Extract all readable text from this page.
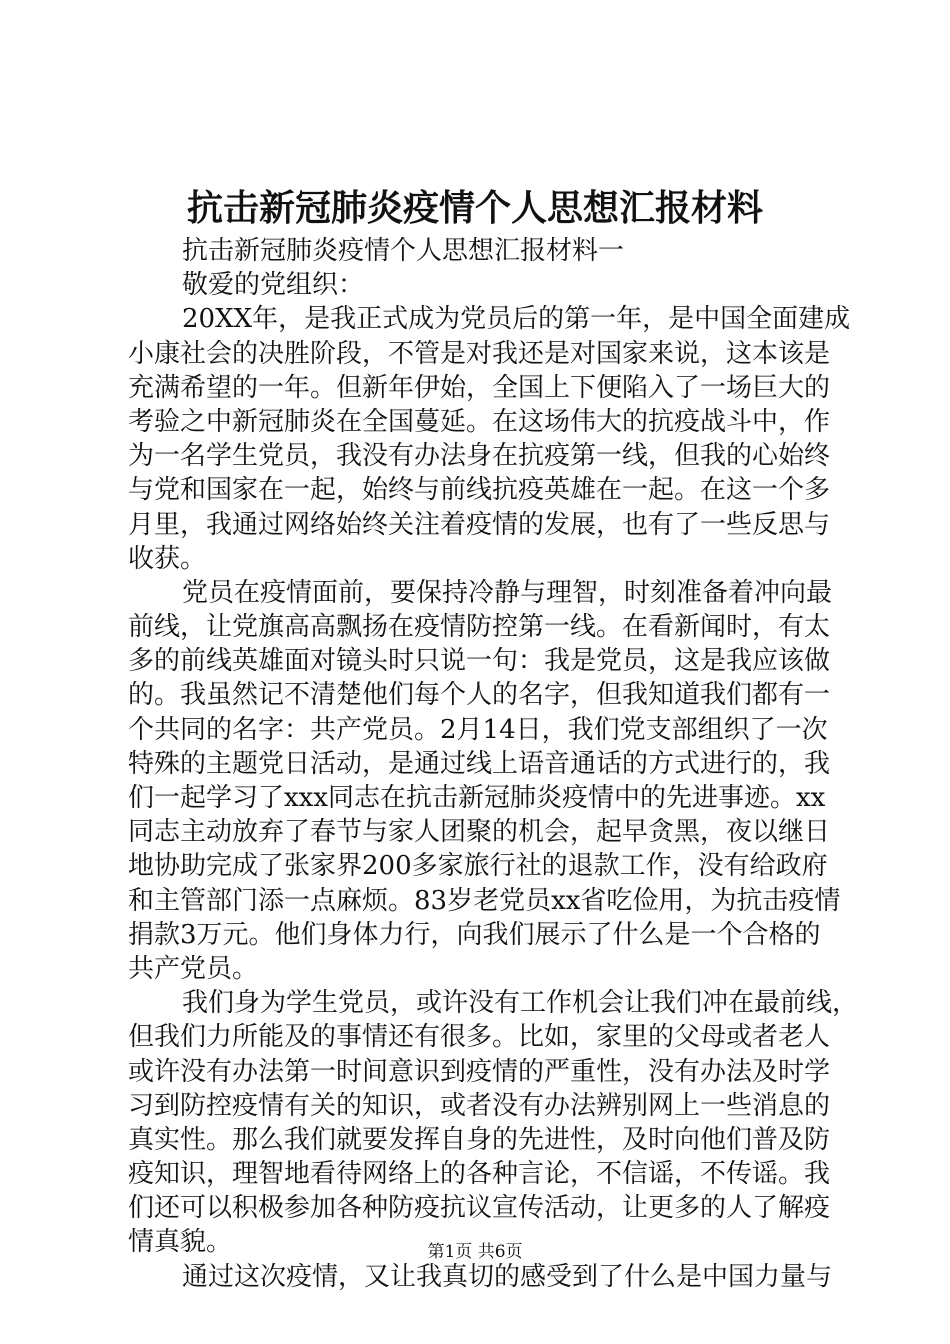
抗击新冠肺炎疫情个人思想汇报材料

抗击新冠肺炎疫情个人思想汇报材料一

敬爱的党组织：

20XX年，是我正式成为党员后的第一年，是中国全面建成

小康社会的决胜阶段，不管是对我还是对国家来说，这本该是

充满希望的一年。但新年伊始，全国上下便陷入了一场巨大的

考验之中新冠肺炎在全国蔓延。在这场伟大的抗疫战斗中，作

为一名学生党员，我没有办法身在抗疫第一线，但我的心始终

与党和国家在一起，始终与前线抗疫英雄在一起。在这一个多

月里，我通过网络始终关注着疫情的发展，也有了一些反思与

收获。

党员在疫情面前，要保持冷静与理智，时刻准备着冲向最

前线，让党旗高高飘扬在疫情防控第一线。在看新闻时，有太

多的前线英雄面对镜头时只说一句：我是党员，这是我应该做

的。我虽然记不清楚他们每个人的名字，但我知道我们都有一

个共同的名字：共产党员。2月14日，我们党支部组织了一次

特殊的主题党日活动，是通过线上语音通话的方式进行的，我

们一起学习了xxx同志在抗击新冠肺炎疫情中的先进事迹。xx

同志主动放弃了春节与家人团聚的机会，起早贪黑，夜以继日

地协助完成了张家界200多家旅行社的退款工作，没有给政府

和主管部门添一点麻烦。83岁老党员xx省吃俭用，为抗击疫情

捐款3万元。他们身体力行，向我们展示了什么是一个合格的

共产党员。

我们身为学生党员，或许没有工作机会让我们冲在最前线，

但我们力所能及的事情还有很多。比如，家里的父母或者老人

或许没有办法第一时间意识到疫情的严重性，没有办法及时学

习到防控疫情有关的知识，或者没有办法辨别网上一些消息的

真实性。那么我们就要发挥自身的先进性，及时向他们普及防

疫知识，理智地看待网络上的各种言论，不信谣，不传谣。我

们还可以积极参加各种防疫抗议宣传活动，让更多的人了解疫

情真貌。

通过这次疫情，又让我真切的感受到了什么是中国力量与

第1页 共6页
